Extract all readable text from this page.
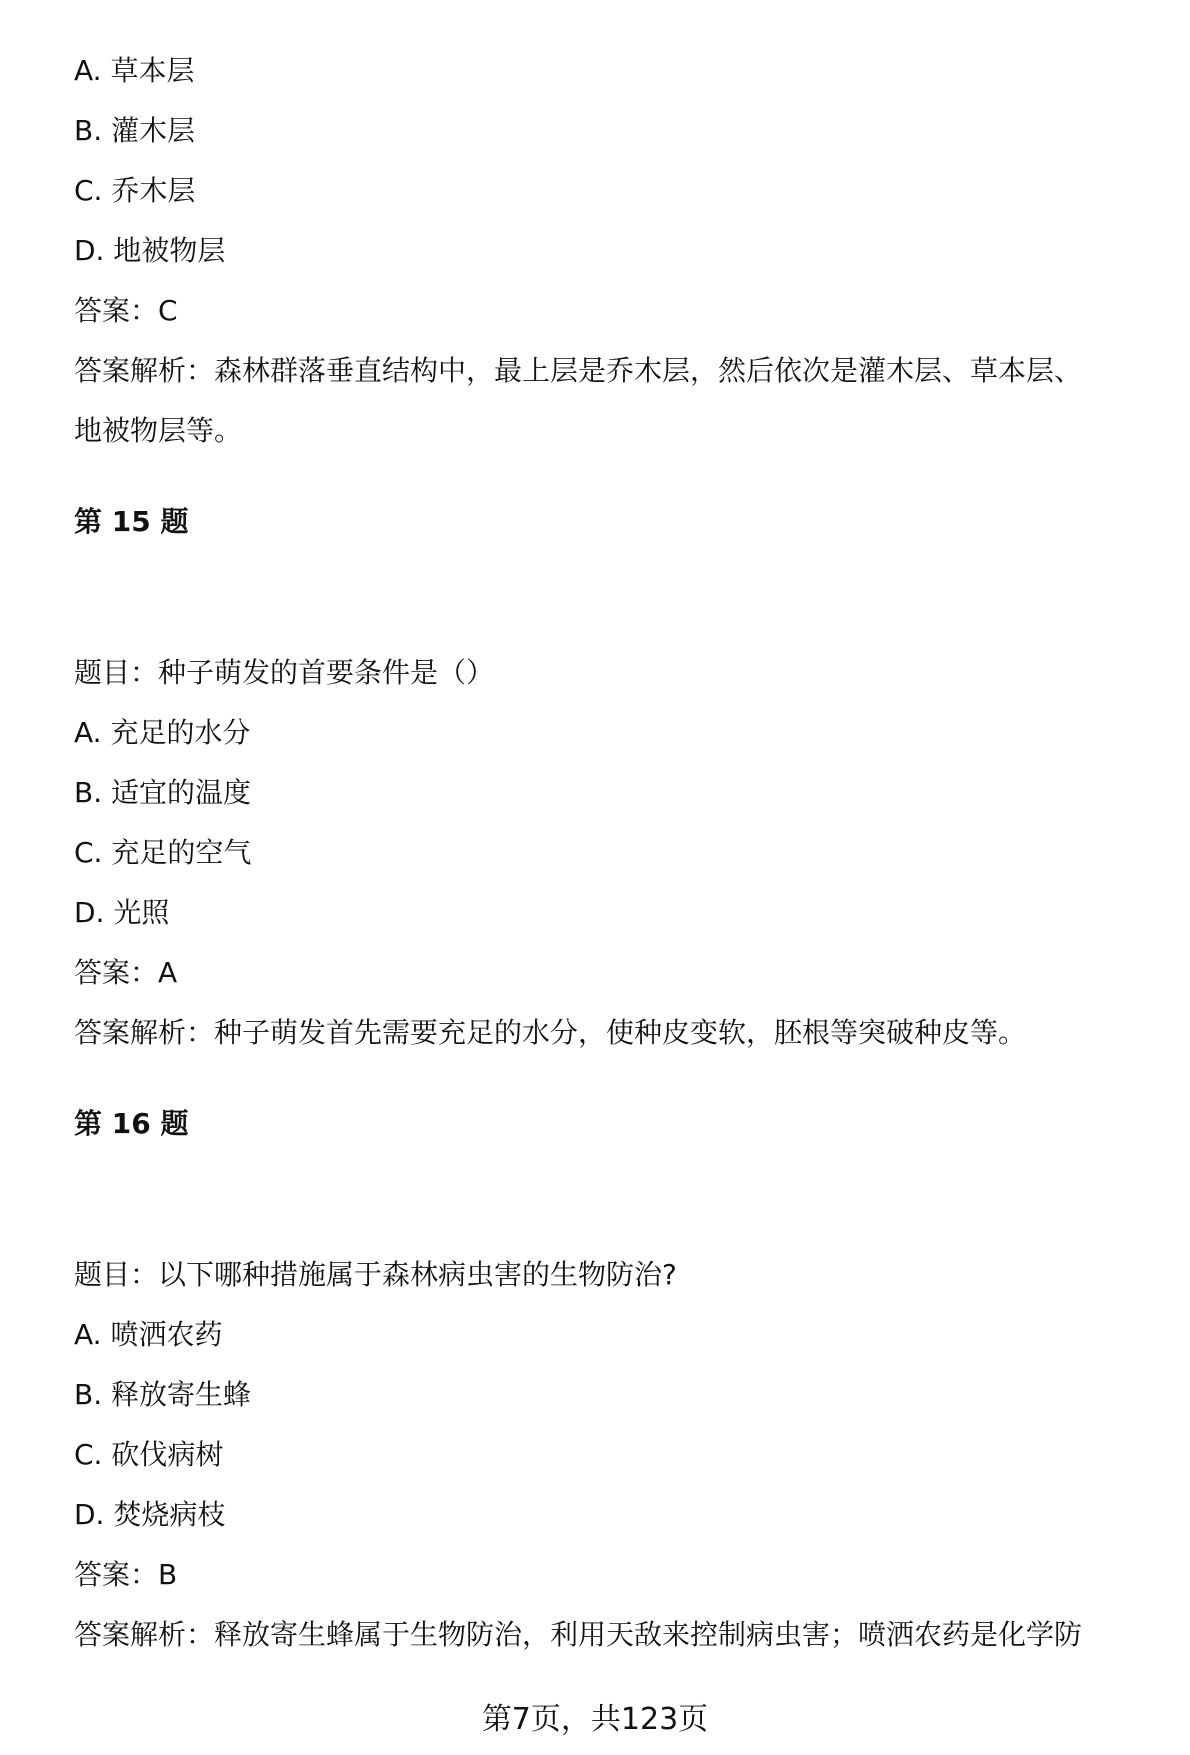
A. 草本层
B. 灌木层
C. 乔木层
D. 地被物层
答案：C
答案解析：森林群落垂直结构中，最上层是乔木层，然后依次是灌木层、草本层、
地被物层等。
第 15 题
题目：种子萌发的首要条件是（）
A. 充足的水分
B. 适宜的温度
C. 充足的空气
D. 光照
答案：A
答案解析：种子萌发首先需要充足的水分，使种皮变软，胚根等突破种皮等。
第 16 题
题目：以下哪种措施属于森林病虫害的生物防治?
A. 喷洒农药
B. 释放寄生蜂
C. 砍伐病树
D. 焚烧病枝
答案：B
答案解析：释放寄生蜂属于生物防治，利用天敌来控制病虫害；喷洒农药是化学防
第7页，共123页
